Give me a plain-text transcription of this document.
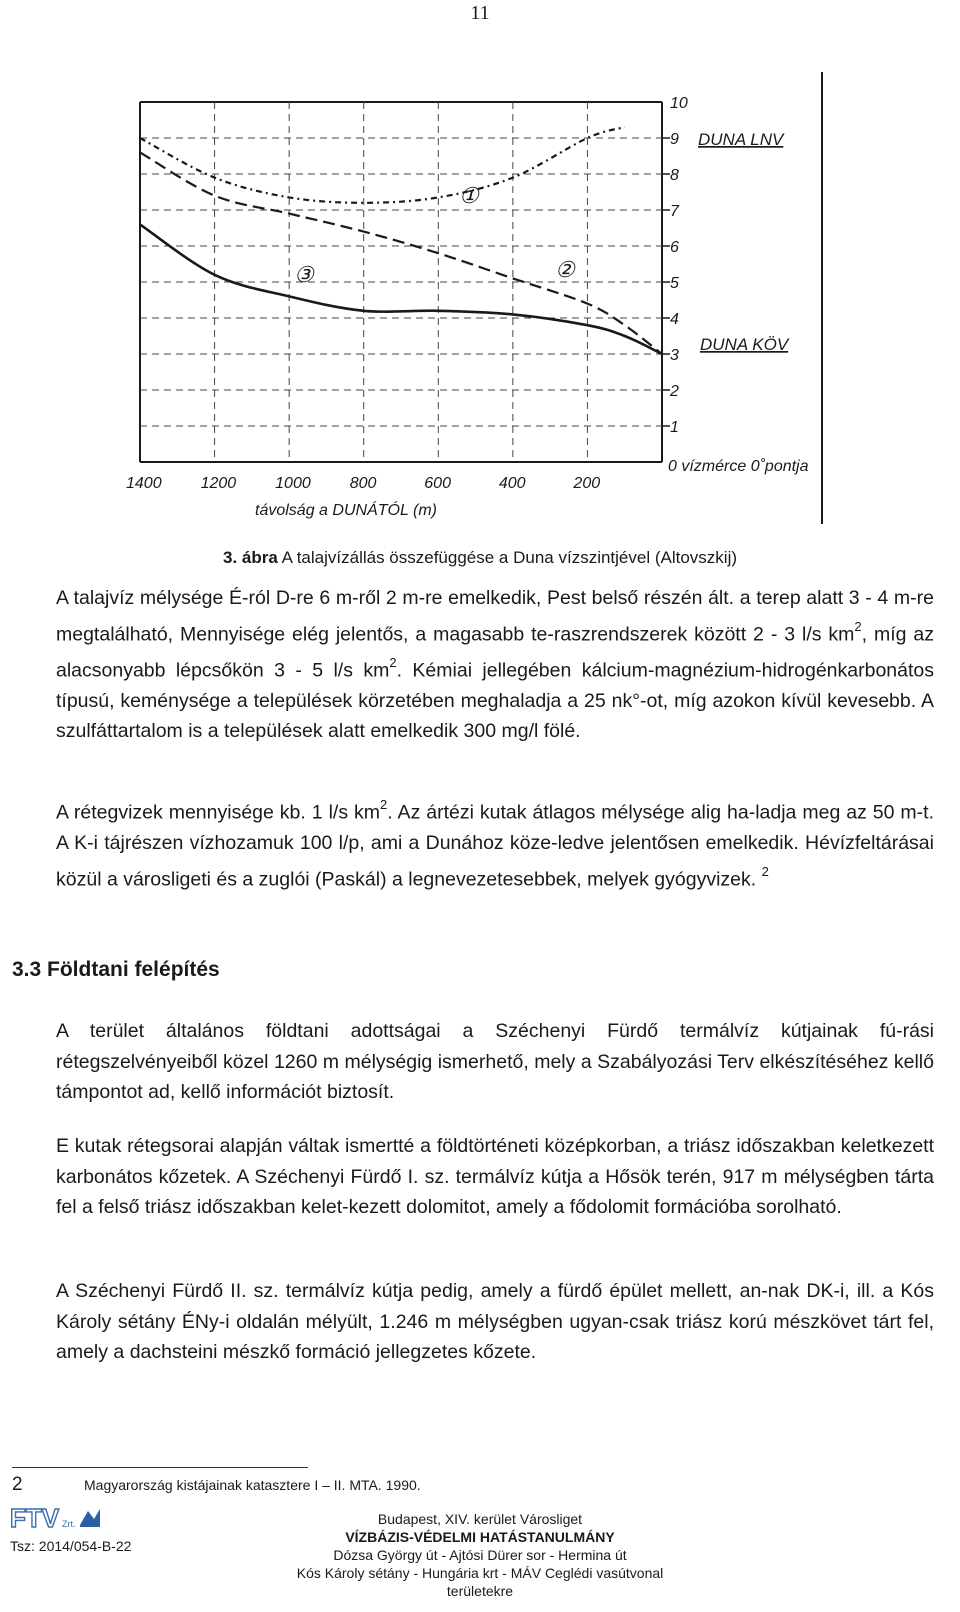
11
1400 1200 1000 800	600	400	200
10
9
8
7
6
5
4
3
2
1
0 vízmérce 0˚pontja
távolság a DUNÁTÓL (m)
DUNA LNV
DUNA KÖV
①
②
③
3. ábra A talajvízállás összefüggése a Duna vízszintjével (Altovszkij)
A talajvíz mélysége É-ról D-re 6 m-ről 2 m-re emelkedik, Pest belső részén ált. a terep alatt 3 - 4 m-re megtalálható, Mennyisége elég jelentős, a magasabb te-raszrendszerek között 2 - 3 l/s $km^2$, míg az alacsonyabb lépcsőkön 3 - 5 l/s $km^2$. Kémiai jellegében kálcium-magnézium-hidrogénkarbonátos típusú, keménysége a települések körzetében meghaladja a 25 nk°-ot, míg azokon kívül kevesebb. A szulfáttartalom is a települések alatt emelkedik 300 mg/l fölé.
A rétegvizek mennyisége kb. 1 l/s $km^2$. Az ártézi kutak átlagos mélysége alig ha-ladja meg az 50 m-t. A K-i tájrészen vízhozamuk 100 l/p, ami a Dunához köze-ledve jelentősen emelkedik. Hévízfeltárásai közül a városligeti és a zuglói (Paskál) a legnevezetesebbek, melyek gyógyvizek. $^2$
3.3 Földtani felépítés
A terület általános földtani adottságai a Széchenyi Fürdő termálvíz kútjainak fú-rási rétegszelvényeiből közel 1260 m mélységig ismerhető, mely a Szabályozási Terv elkészítéséhez kellő támpontot ad, kellő információt biztosít.
E kutak rétegsorai alapján váltak ismertté a földtörténeti középkorban, a triász időszakban keletkezett karbonátos kőzetek. A Széchenyi Fürdő I. sz. termálvíz kútja a Hősök terén, 917 m mélységben tárta fel a felső triász időszakban kelet-kezett dolomitot, amely a fődolomit formációba sorolható.
A Széchenyi Fürdő II. sz. termálvíz kútja pedig, amely a fürdő épület mellett, an-nak DK-i, ill. a Kós Károly sétány ÉNy-i oldalán mélyült, 1.246 m mélységben ugyan-csak triász korú mészkövet tárt fel, amely a dachsteini mészkő formáció jellegzetes kőzete.
2	Magyarország kistájainak katasztere I – II. MTA. 1990.
FTV Zrt.
Tsz: 2014/054-B-22
Budapest, XIV. kerület Városliget
VÍZBÁZIS-VÉDELMI HATÁSTANULMÁNY
Dózsa György út - Ajtósi Dürer sor - Hermina út
Kós Károly sétány - Hungária krt - MÁV Ceglédi vasútvonal
területekre
